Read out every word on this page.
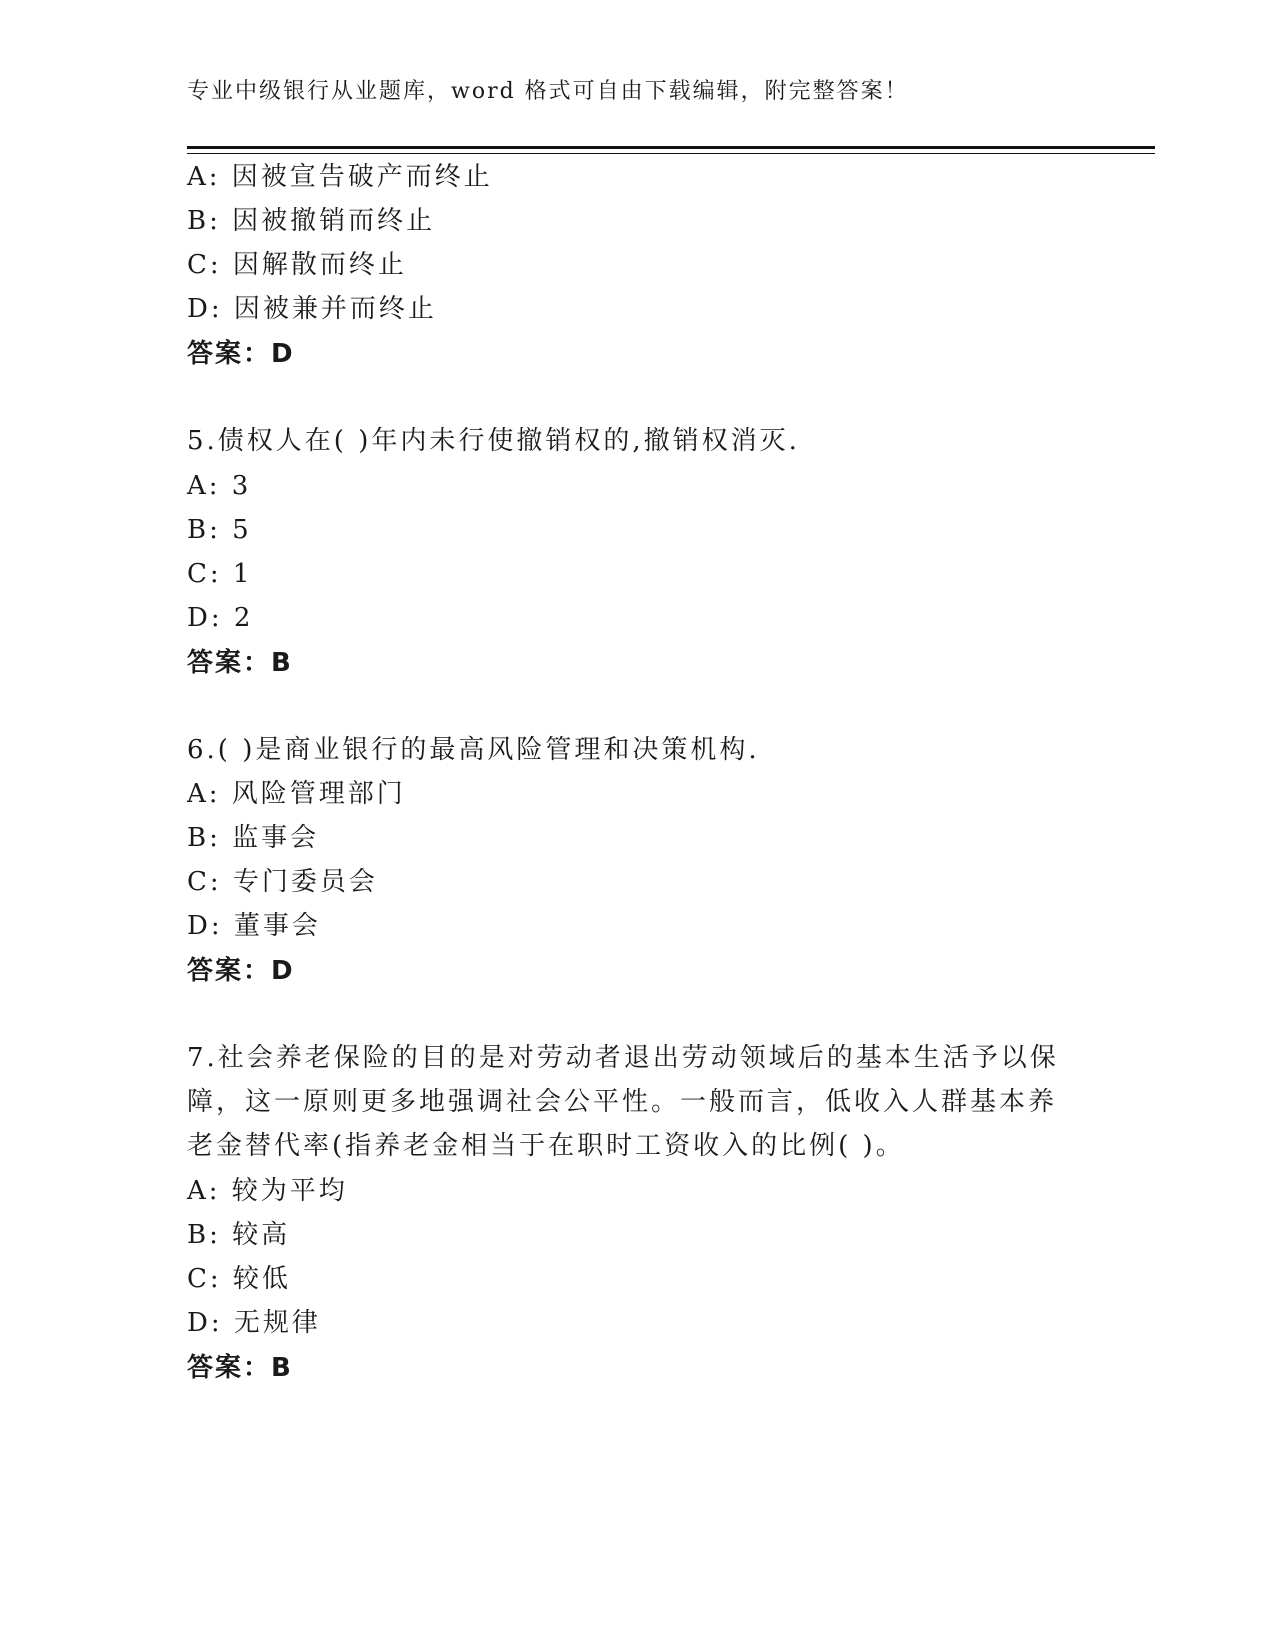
专业中级银行从业题库，word 格式可自由下载编辑，附完整答案！
A: 因被宣告破产而终止
B: 因被撤销而终止
C: 因解散而终止
D: 因被兼并而终止
答案：D
5.债权人在( )年内未行使撤销权的,撤销权消灭.
A: 3
B: 5
C: 1
D: 2
答案：B
6.( )是商业银行的最高风险管理和决策机构.
A: 风险管理部门
B: 监事会
C: 专门委员会
D: 董事会
答案：D
7.社会养老保险的目的是对劳动者退出劳动领域后的基本生活予以保
障，这一原则更多地强调社会公平性。一般而言，低收入人群基本养
老金替代率(指养老金相当于在职时工资收入的比例( )。
A: 较为平均
B: 较高
C: 较低
D: 无规律
答案：B
